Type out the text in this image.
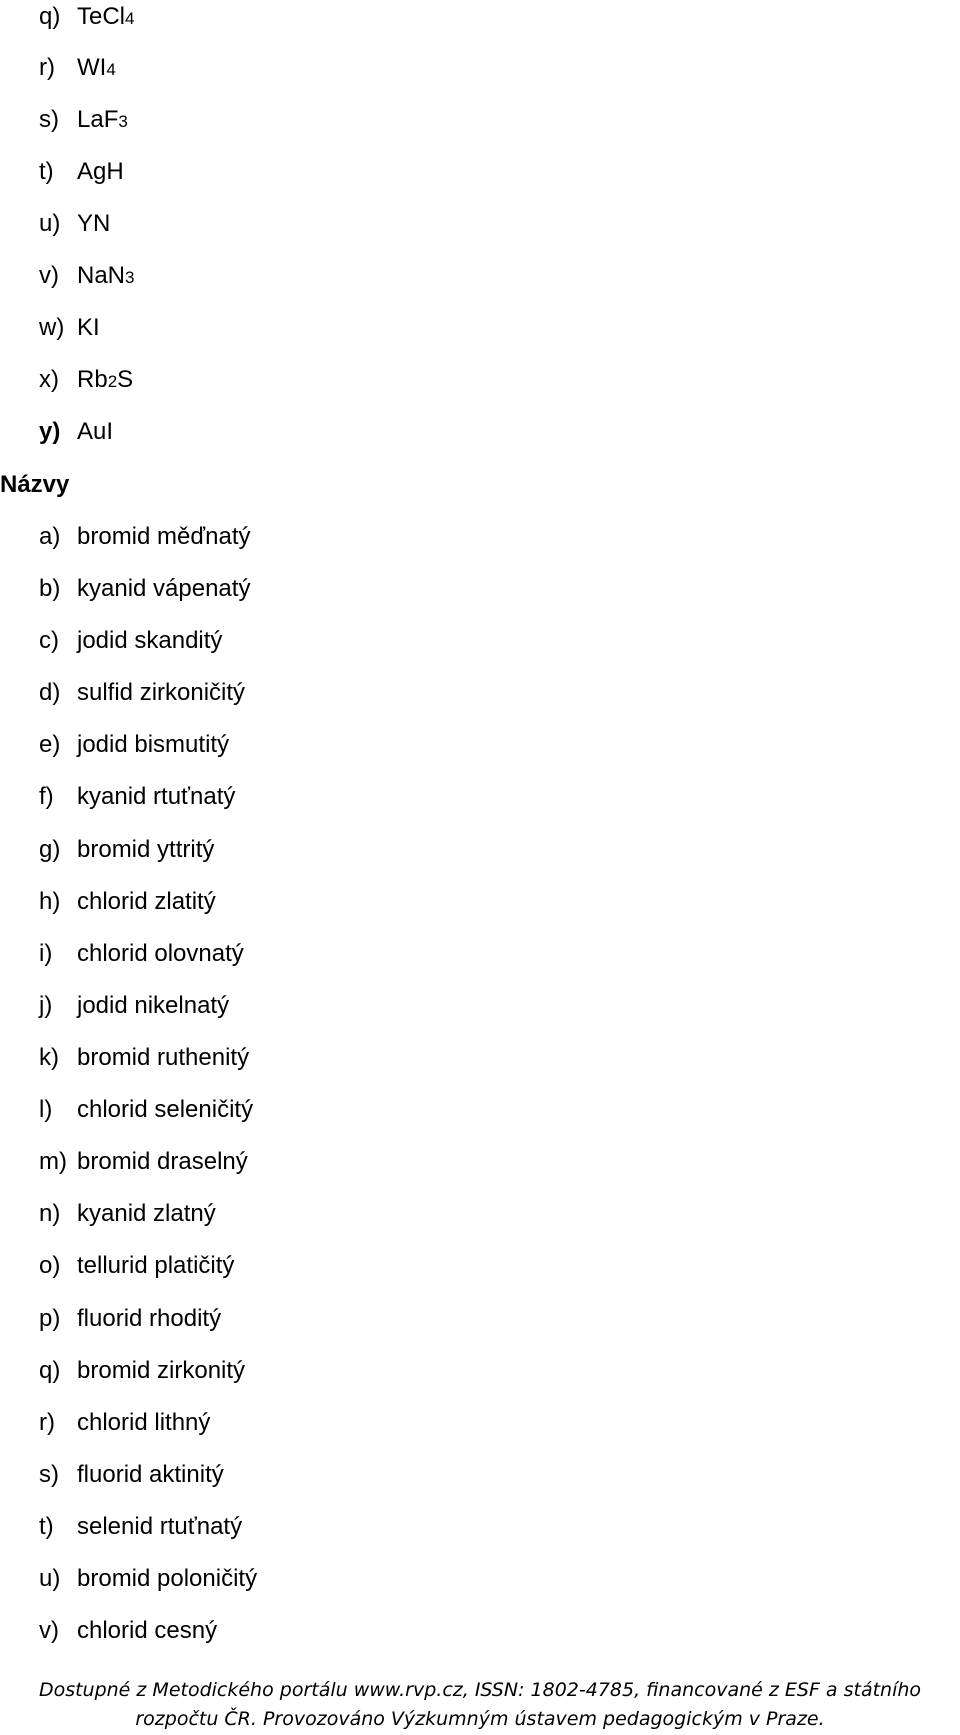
q) TeCl4
r) WI4
s) LaF3
t) AgH
u) YN
v) NaN3
w) KI
x) Rb2S
y) AuI
Názvy
a) bromid měďnatý
b) kyanid vápenatý
c) jodid skanditý
d) sulfid zirkoničitý
e) jodid bismutitý
f) kyanid rtuťnatý
g) bromid yttritý
h) chlorid zlatitý
i) chlorid olovnatý
j) jodid nikelnatý
k) bromid ruthenitý
l) chlorid seleničitý
m) bromid draselný
n) kyanid zlatný
o) tellurid platičitý
p) fluorid rhoditý
q) bromid zirkonitý
r) chlorid lithný
s) fluorid aktinitý
t) selenid rtuťnatý
u) bromid poloničitý
v) chlorid cesný
Dostupné z Metodického portálu www.rvp.cz, ISSN: 1802-4785, financované z ESF a státního
rozpočtu ČR. Provozováno Výzkumným ústavem pedagogickým v Praze.
